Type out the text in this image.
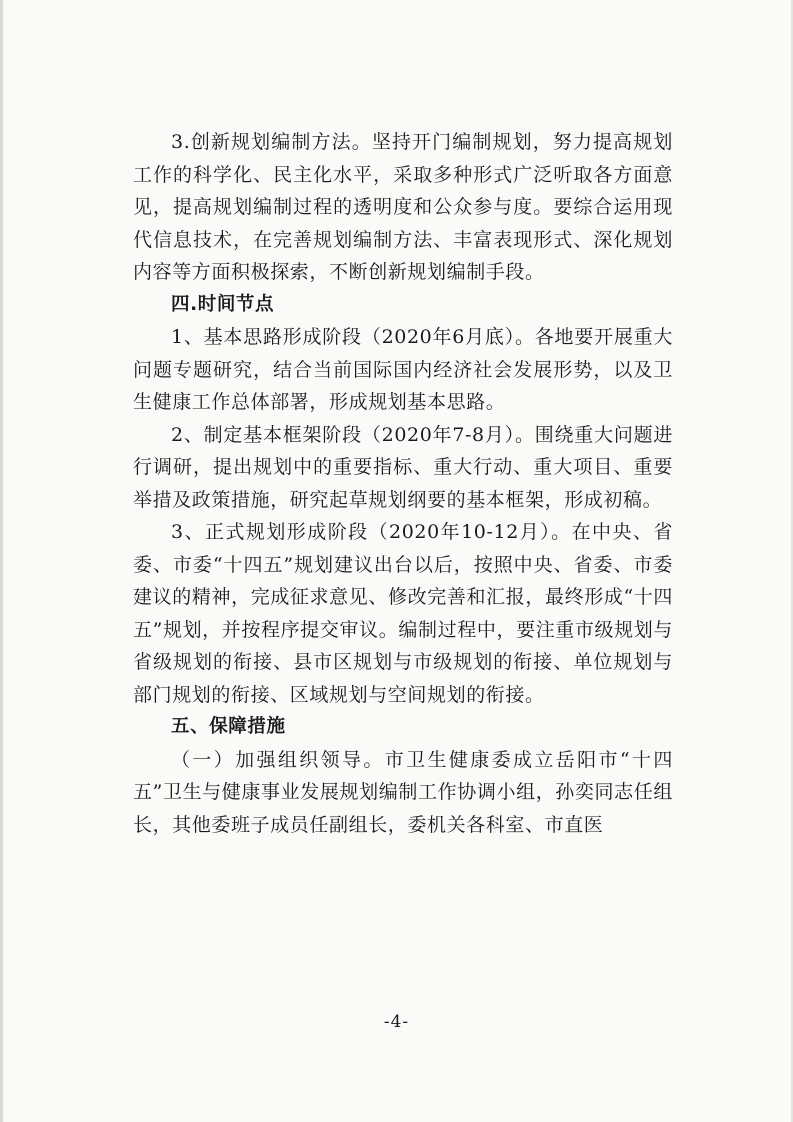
3.创新规划编制方法。坚持开门编制规划，努力提高规划工作的科学化、民主化水平，采取多种形式广泛听取各方面意见，提高规划编制过程的透明度和公众参与度。要综合运用现代信息技术，在完善规划编制方法、丰富表现形式、深化规划内容等方面积极探索，不断创新规划编制手段。

四.时间节点

1、基本思路形成阶段（2020年6月底）。各地要开展重大问题专题研究，结合当前国际国内经济社会发展形势，以及卫生健康工作总体部署，形成规划基本思路。

2、制定基本框架阶段（2020年7-8月）。围绕重大问题进行调研，提出规划中的重要指标、重大行动、重大项目、重要举措及政策措施，研究起草规划纲要的基本框架，形成初稿。

3、正式规划形成阶段（2020年10-12月）。在中央、省委、市委“十四五”规划建议出台以后，按照中央、省委、市委建议的精神，完成征求意见、修改完善和汇报，最终形成“十四五”规划，并按程序提交审议。编制过程中，要注重市级规划与省级规划的衔接、县市区规划与市级规划的衔接、单位规划与部门规划的衔接、区域规划与空间规划的衔接。

五、保障措施

（一）加强组织领导。市卫生健康委成立岳阳市“十四五”卫生与健康事业发展规划编制工作协调小组，孙奕同志任组长，其他委班子成员任副组长，委机关各科室、市直医

-4-
